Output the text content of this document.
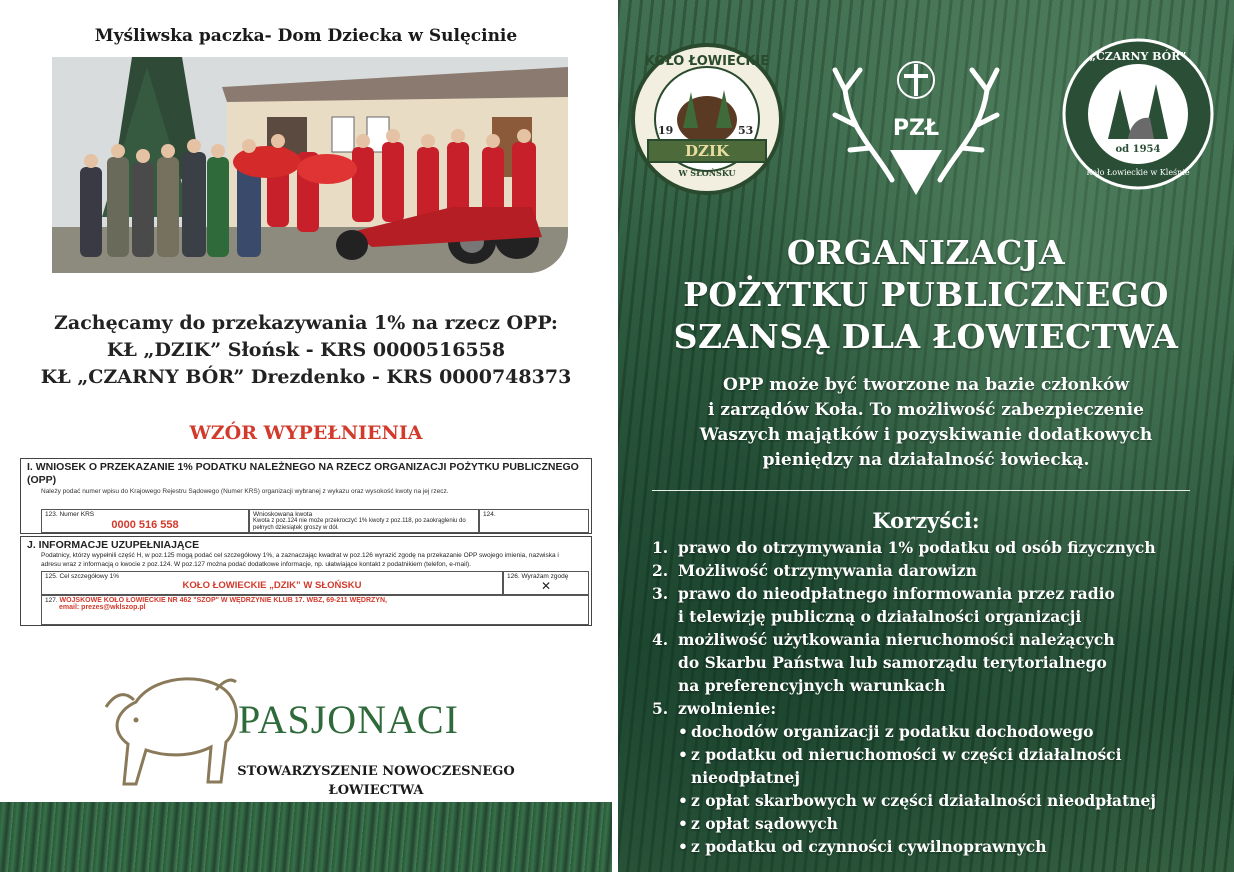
Myśliwska paczka- Dom Dziecka w Sulęcinie
Zachęcamy do przekazywania 1% na rzecz OPP:
KŁ „DZIK” Słońsk - KRS 0000516558
KŁ „CZARNY BÓR” Drezdenko - KRS 0000748373
WZÓR WYPEŁNIENIA
I. WNIOSEK O PRZEKAZANIE 1% PODATKU NALEŻNEGO NA RZECZ ORGANIZACJI POŻYTKU PUBLICZNEGO (OPP)
Należy podać numer wpisu do Krajowego Rejestru Sądowego (Numer KRS) organizacji wybranej z wykazu oraz wysokość kwoty na jej rzecz.
123. Numer KRS
0000 516 558
Wnioskowana kwota
Kwota z poz.124 nie może przekroczyć 1% kwoty z poz.118, po zaokrągleniu do pełnych dziesiątek groszy w dół.
124.
J. INFORMACJE UZUPEŁNIAJĄCE
Podatnicy, którzy wypełnili część H, w poz.125 mogą podać cel szczegółowy 1%, a zaznaczając kwadrat w poz.126 wyrazić zgodę na przekazanie OPP swojego imienia, nazwiska i adresu wraz z informacją o kwocie z poz.124. W poz.127 można podać dodatkowe informacje, np. ułatwiające kontakt z podatnikiem (telefon, e-mail).
125. Cel szczegółowy 1%
KOŁO ŁOWIECKIE „DZIK” W SŁOŃSKU
126. Wyrażam zgodę
✕
127. WOJSKOWE KOŁO ŁOWIECKIE NR 462 "SZOP" W WĘDRZYNIE KLUB 17. WBZ, 69-211 WĘDRZYN,
email: prezes@wklszop.pl
PASJONACI
STOWARZYSZENIE NOWOCZESNEGO
ŁOWIECTWA
KOŁO ŁOWIECKIE
19	53
DZIK
W SŁOŃSKU
PZŁ
„CZARNY BÓR”
od 1954
Koło Łowieckie w Kleśnie
ORGANIZACJA
POŻYTKU PUBLICZNEGO
SZANSĄ DLA ŁOWIECTWA
OPP może być tworzone na bazie członków
i zarządów Koła. To możliwość zabezpieczenie
Waszych majątków i pozyskiwanie dodatkowych
pieniędzy na działalność łowiecką.
Korzyści:
1. prawo do otrzymywania 1% podatku od osób fizycznych
2. Możliwość otrzymywania darowizn
3. prawo do nieodpłatnego informowania przez radio
i telewizję publiczną o działalności organizacji
4. możliwość użytkowania nieruchomości należących
do Skarbu Państwa lub samorządu terytorialnego
na preferencyjnych warunkach
5. zwolnienie:
• dochodów organizacji z podatku dochodowego
• z podatku od nieruchomości w części działalności
nieodpłatnej
• z opłat skarbowych w części działalności nieodpłatnej
• z opłat sądowych
• z podatku od czynności cywilnoprawnych
